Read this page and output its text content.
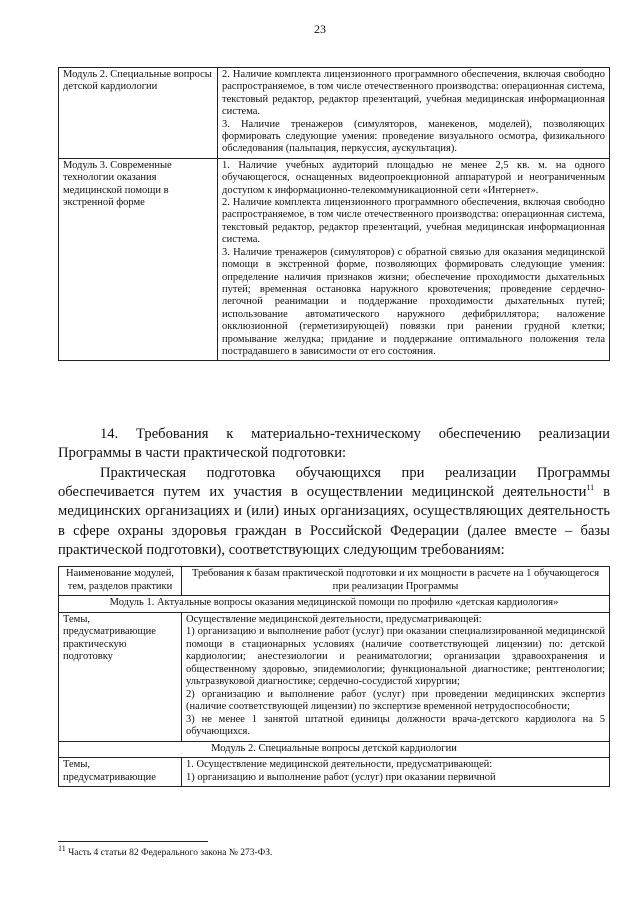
23
Модуль 2. Специальные вопросы детской кардиологии	2. Наличие комплекта лицензионного программного обеспечения, включая свободно распространяемое, в том числе отечественного производства: операционная система, текстовый редактор, редактор презентаций, учебная медицинская информационная система.
3. Наличие тренажеров (симуляторов, манекенов, моделей), позволяющих формировать следующие умения: проведение визуального осмотра, физикального обследования (пальпация, перкуссия, аускультация).

Модуль 3. Современные технологии оказания медицинской помощи в экстренной форме	1. Наличие учебных аудиторий площадью не менее 2,5 кв. м. на одного обучающегося, оснащенных видеопроекционной аппаратурой и неограниченным доступом к информационно-телекоммуникационной сети «Интернет».
2. Наличие комплекта лицензионного программного обеспечения, включая свободно распространяемое, в том числе отечественного производства: операционная система, текстовый редактор, редактор презентаций, учебная медицинская информационная система.
3. Наличие тренажеров (симуляторов) с обратной связью для оказания медицинской помощи в экстренной форме, позволяющих формировать следующие умения: определение наличия признаков жизни; обеспечение проходимости дыхательных путей; временная остановка наружного кровотечения; проведение сердечно-легочной реанимации и поддержание проходимости дыхательных путей; использование автоматического наружного дефибриллятора; наложение окклюзионной (герметизирующей) повязки при ранении грудной клетки; промывание желудка; придание и поддержание оптимального положения тела пострадавшего в зависимости от его состояния.
14. Требования к материально-техническому обеспечению реализации Программы в части практической подготовки:
Практическая подготовка обучающихся при реализации Программы обеспечивается путем их участия в осуществлении медицинской деятельности$^{11}$ в медицинских организациях и (или) иных организациях, осуществляющих деятельность в сфере охраны здоровья граждан в Российской Федерации (далее вместе – базы практической подготовки), соответствующих следующим требованиям:
Наименование модулей, тем, разделов практики	Требования к базам практической подготовки и их мощности в расчете на 1 обучающегося при реализации Программы
Модуль 1. Актуальные вопросы оказания медицинской помощи по профилю «детская кардиология»	
Темы, предусматривающие практическую подготовку	Осуществление медицинской деятельности, предусматривающей:
1) организацию и выполнение работ (услуг) при оказании специализированной медицинской помощи в стационарных условиях (наличие соответствующей лицензии) по: детской кардиологии; анестезиологии и реаниматологии; организации здравоохранения и общественному здоровью, эпидемиологии; функциональной диагностике; рентгенологии; ультразвуковой диагностике; сердечно-сосудистой хирургии;
2) организацию и выполнение работ (услуг) при проведении медицинских экспертиз (наличие соответствующей лицензии) по экспертизе временной нетрудоспособности;
3) не менее 1 занятой штатной единицы должности врача-детского кардиолога на 5 обучающихся.

Модуль 2. Специальные вопросы детской кардиологии	
Темы, предусматривающие	1. Осуществление медицинской деятельности, предусматривающей:
1) организацию и выполнение работ (услуг) при оказании первичной
$^{11}$ Часть 4 статьи 82 Федерального закона № 273-ФЗ.
